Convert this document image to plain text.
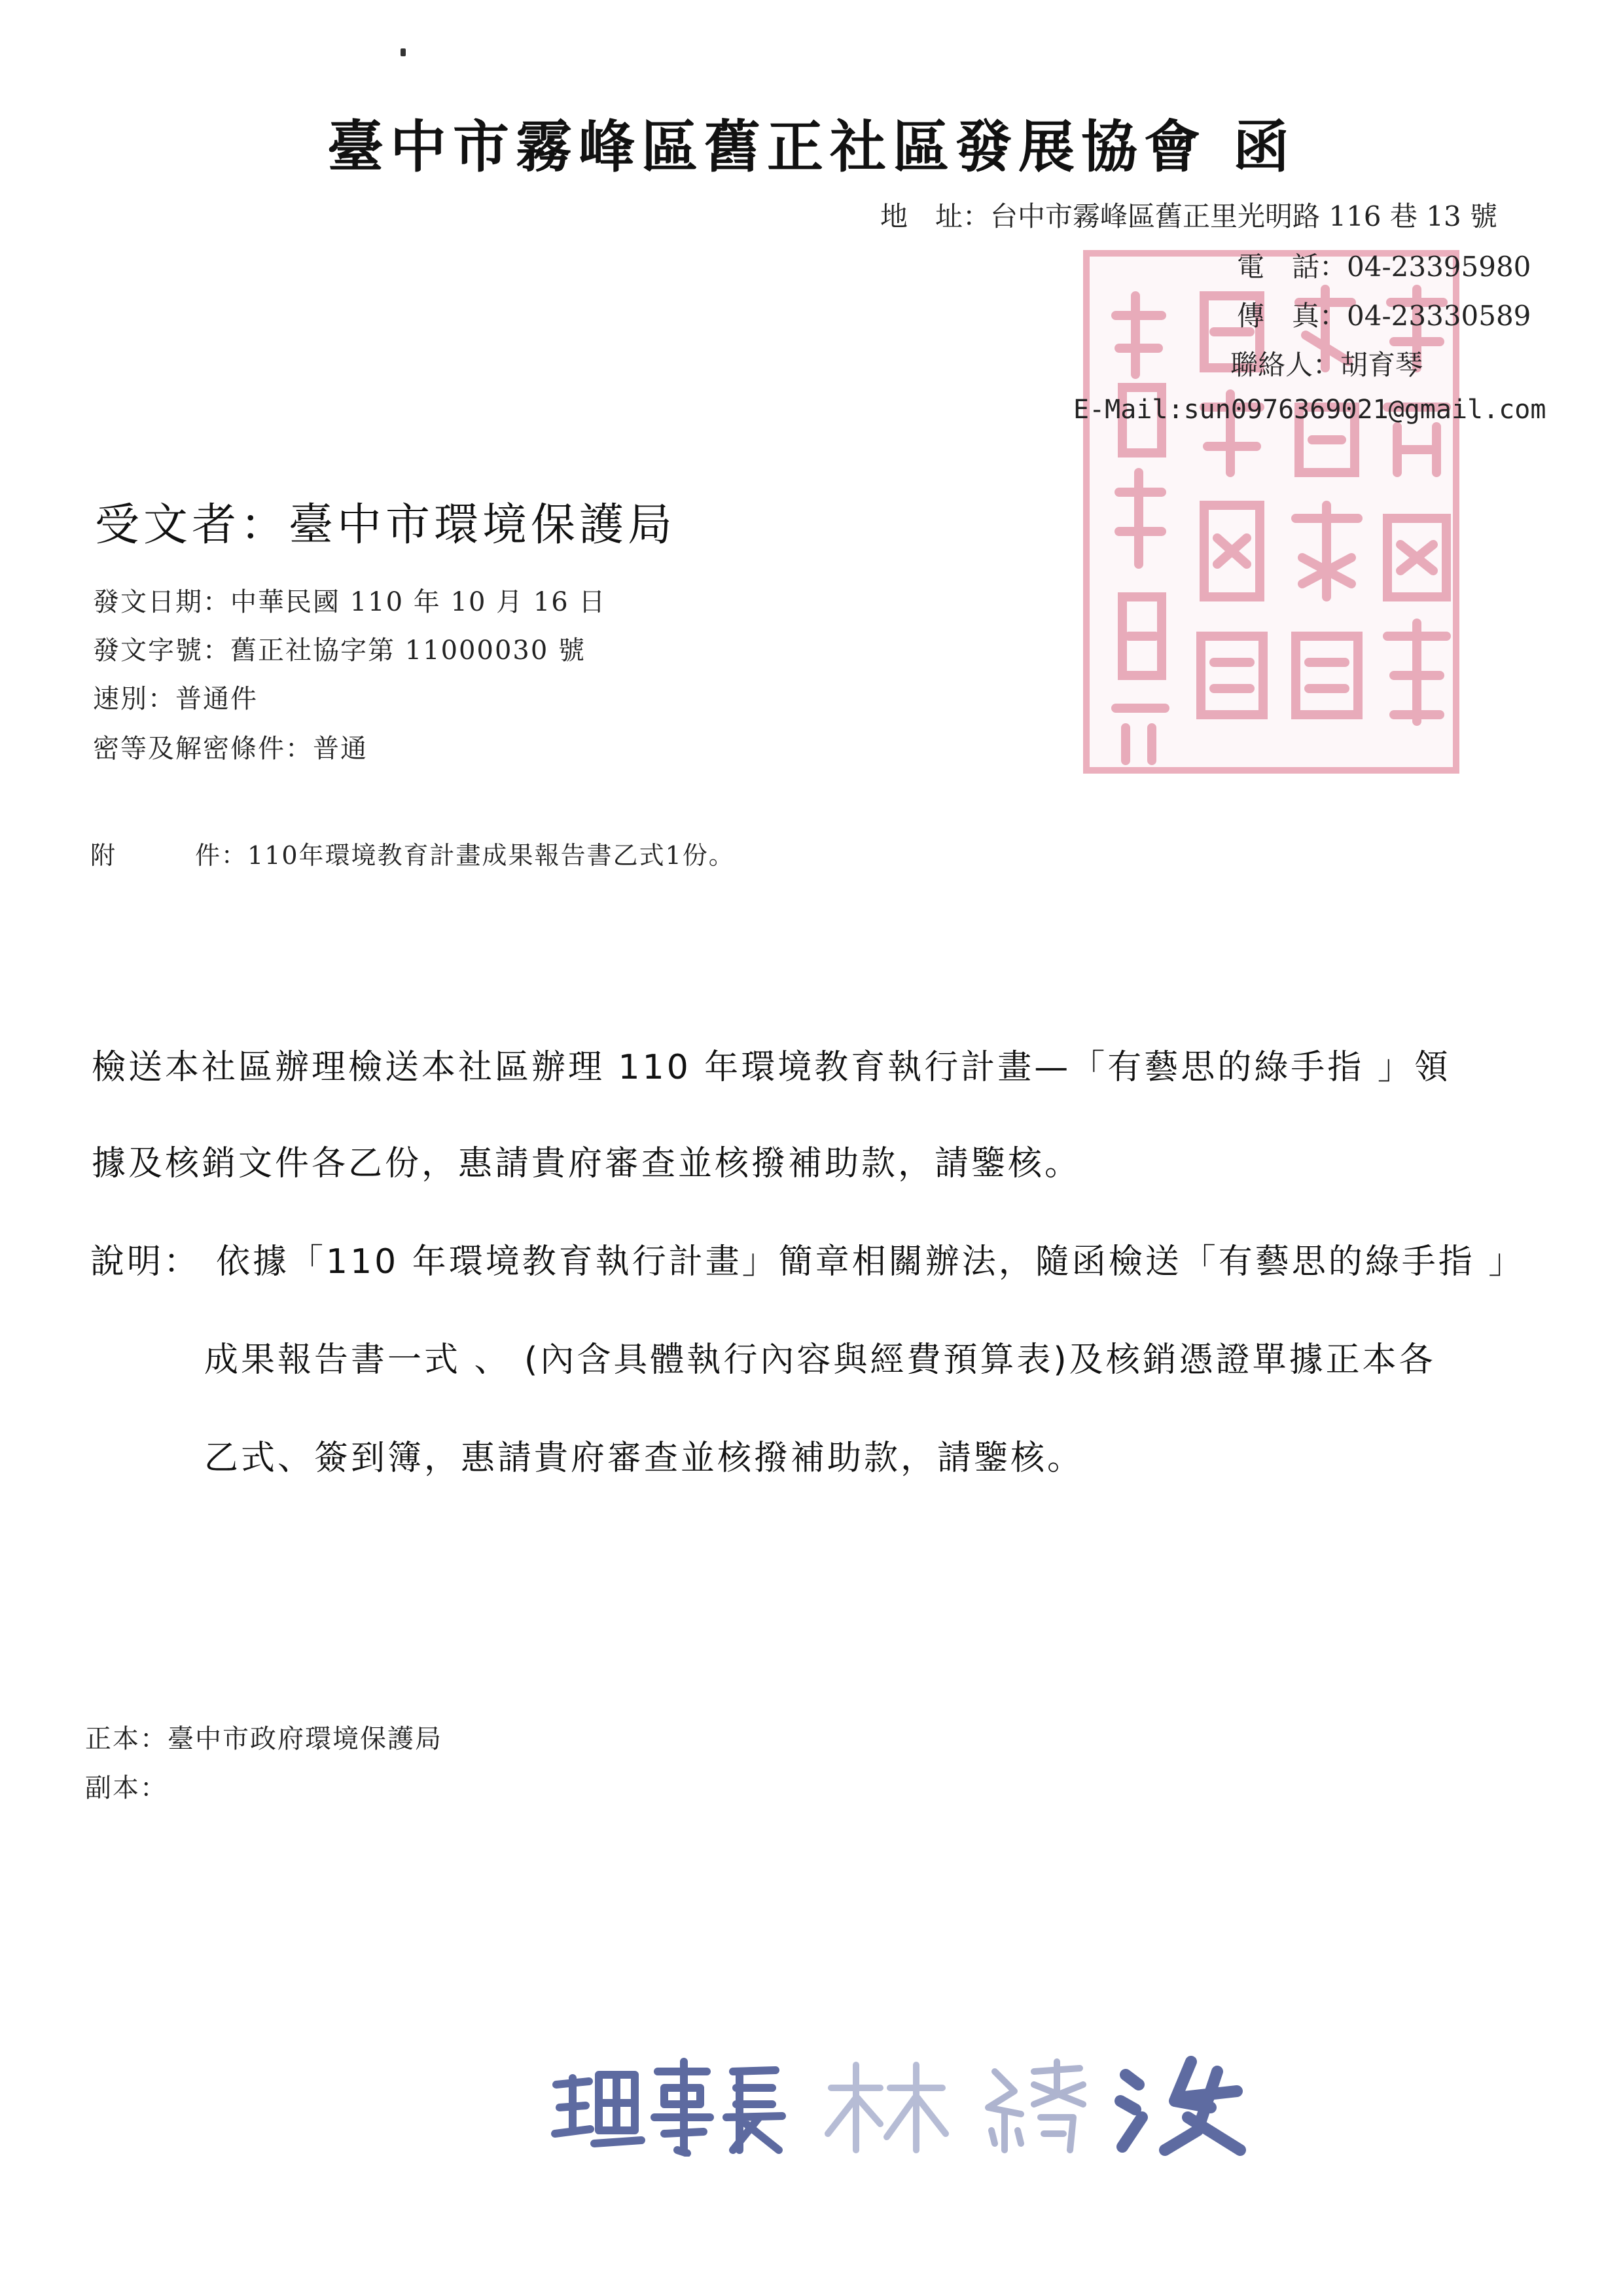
臺中市霧峰區舊正社區發展協會 函
地　址：台中市霧峰區舊正里光明路 116 巷 13 號
電　話：04-23395980
傳　真：04-23330589
聯絡人：胡育琴
E-Mail:sun0976369021@gmail.com
受文者：臺中市環境保護局
發文日期：中華民國 110 年 10 月 16 日
發文字號：舊正社協字第 11000030 號
速別：普通件
密等及解密條件：普通
附	件：110年環境教育計畫成果報告書乙式1份。
檢送本社區辦理檢送本社區辦理 110 年環境教育執行計畫—「有藝思的綠手指 」領
據及核銷文件各乙份，惠請貴府審查並核撥補助款，請鑒核。
說明： 依據「110 年環境教育執行計畫」簡章相關辦法，隨函檢送「有藝思的綠手指 」
成果報告書一式 、 (內含具體執行內容與經費預算表)及核銷憑證單據正本各
乙式、簽到簿，惠請貴府審查並核撥補助款，請鑒核。
正本：臺中市政府環境保護局
副本：
